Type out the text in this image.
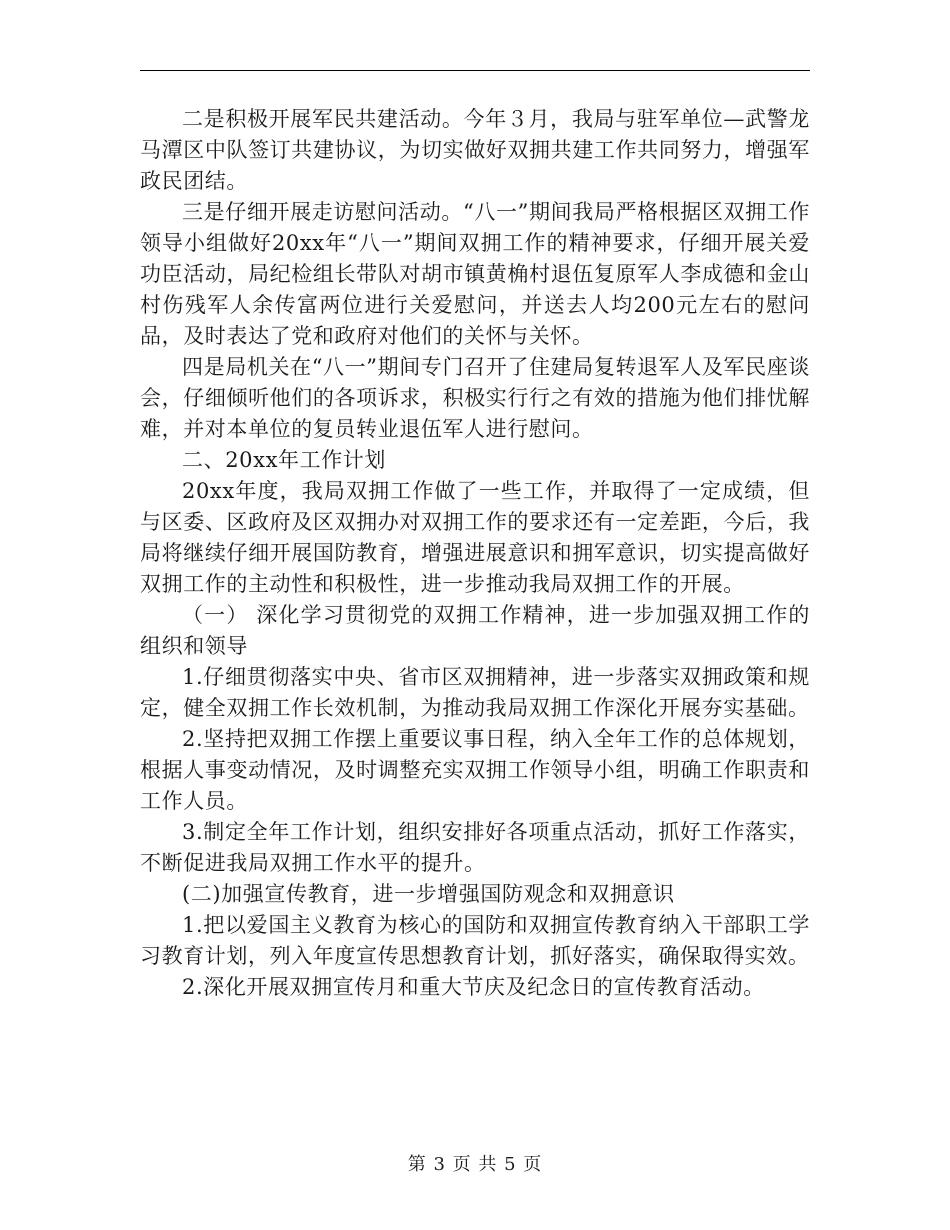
二是积极开展军民共建活动。今年３月，我局与驻军单位—武警龙马潭区中队签订共建协议，为切实做好双拥共建工作共同努力，增强军政民团结。

三是仔细开展走访慰问活动。“八一”期间我局严格根据区双拥工作领导小组做好20xx年“八一”期间双拥工作的精神要求，仔细开展关爱功臣活动，局纪检组长带队对胡市镇黄桷村退伍复原军人李成德和金山村伤残军人余传富两位进行关爱慰问，并送去人均200元左右的慰问品，及时表达了党和政府对他们的关怀与关怀。

四是局机关在“八一”期间专门召开了住建局复转退军人及军民座谈会，仔细倾听他们的各项诉求，积极实行行之有效的措施为他们排忧解难，并对本单位的复员转业退伍军人进行慰问。

二、20xx年工作计划

20xx年度，我局双拥工作做了一些工作，并取得了一定成绩，但与区委、区政府及区双拥办对双拥工作的要求还有一定差距，今后，我局将继续仔细开展国防教育，增强进展意识和拥军意识，切实提高做好双拥工作的主动性和积极性，进一步推动我局双拥工作的开展。

（一） 深化学习贯彻党的双拥工作精神，进一步加强双拥工作的组织和领导

1.仔细贯彻落实中央、省市区双拥精神，进一步落实双拥政策和规定，健全双拥工作长效机制，为推动我局双拥工作深化开展夯实基础。

2.坚持把双拥工作摆上重要议事日程，纳入全年工作的总体规划，根据人事变动情况，及时调整充实双拥工作领导小组，明确工作职责和工作人员。

3.制定全年工作计划，组织安排好各项重点活动，抓好工作落实，不断促进我局双拥工作水平的提升。

(二)加强宣传教育，进一步增强国防观念和双拥意识

1.把以爱国主义教育为核心的国防和双拥宣传教育纳入干部职工学习教育计划，列入年度宣传思想教育计划，抓好落实，确保取得实效。

2.深化开展双拥宣传月和重大节庆及纪念日的宣传教育活动。

第 3 页 共 5 页
